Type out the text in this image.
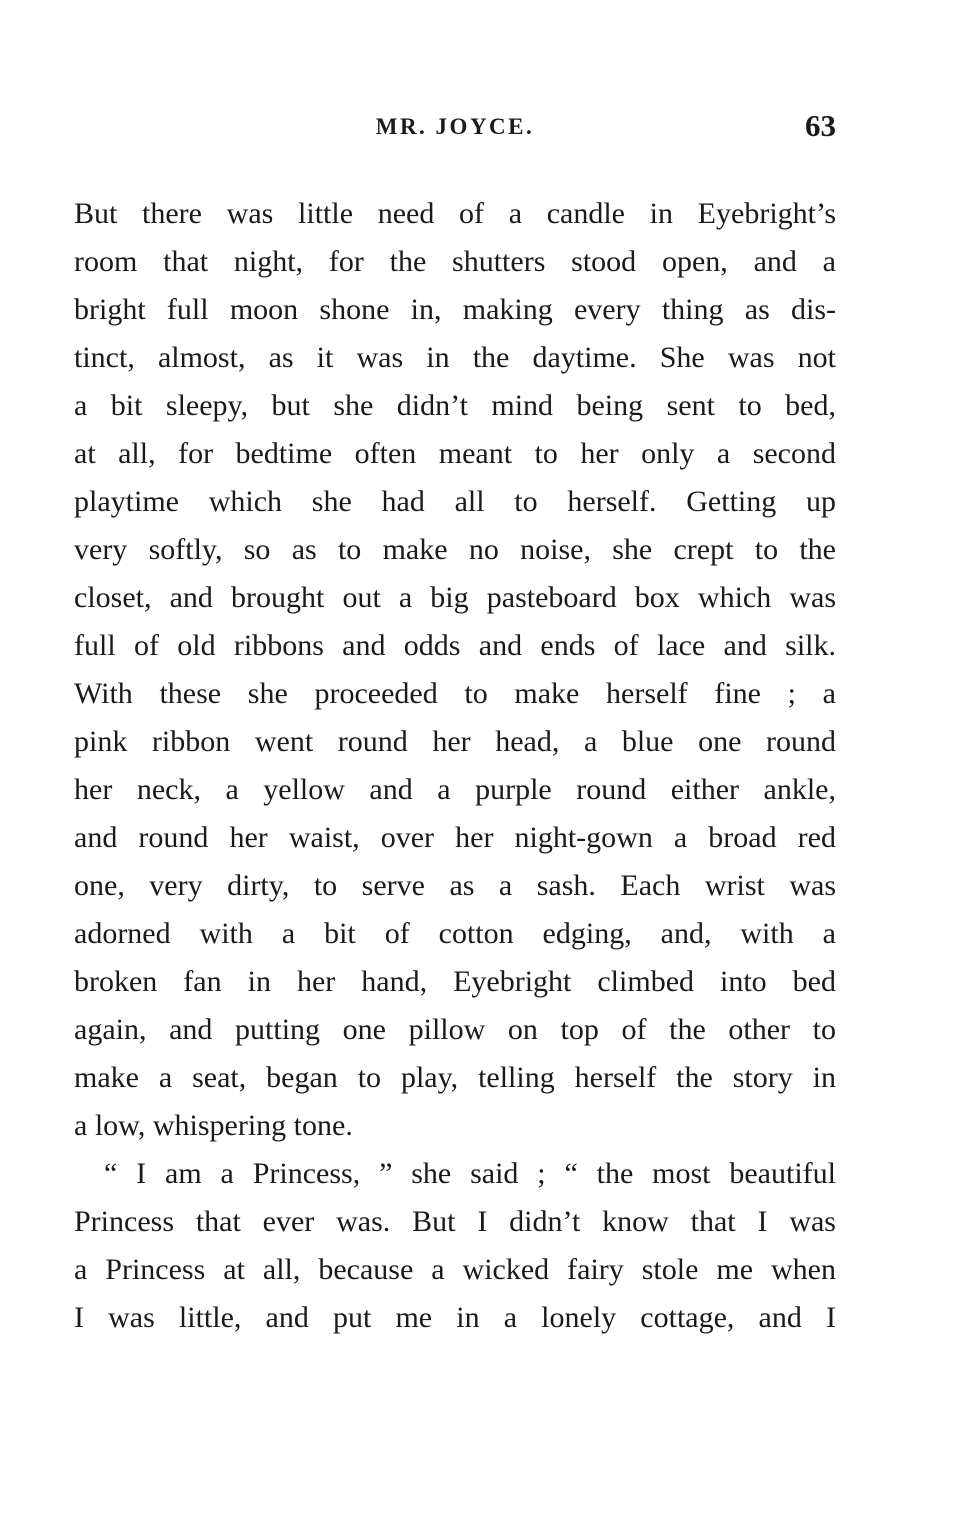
MR. JOYCE.	63
But there was little need of a candle in Eyebright’s
room that night, for the shutters stood open, and a
bright full moon shone in, making every thing as dis-
tinct, almost, as it was in the daytime. She was not
a bit sleepy, but she didn’t mind being sent to bed,
at all, for bedtime often meant to her only a second
playtime which she had all to herself. Getting up
very softly, so as to make no noise, she crept to the
closet, and brought out a big pasteboard box which was
full of old ribbons and odds and ends of lace and silk.
With these she proceeded to make herself fine ; a
pink ribbon went round her head, a blue one round
her neck, a yellow and a purple round either ankle,
and round her waist, over her night-gown a broad red
one, very dirty, to serve as a sash. Each wrist was
adorned with a bit of cotton edging, and, with a
broken fan in her hand, Eyebright climbed into bed
again, and putting one pillow on top of the other to
make a seat, began to play, telling herself the story in
a low, whispering tone.
“ I am a Princess, ” she said ; “ the most beautiful
Princess that ever was. But I didn’t know that I was
a Princess at all, because a wicked fairy stole me when
I was little, and put me in a lonely cottage, and I
